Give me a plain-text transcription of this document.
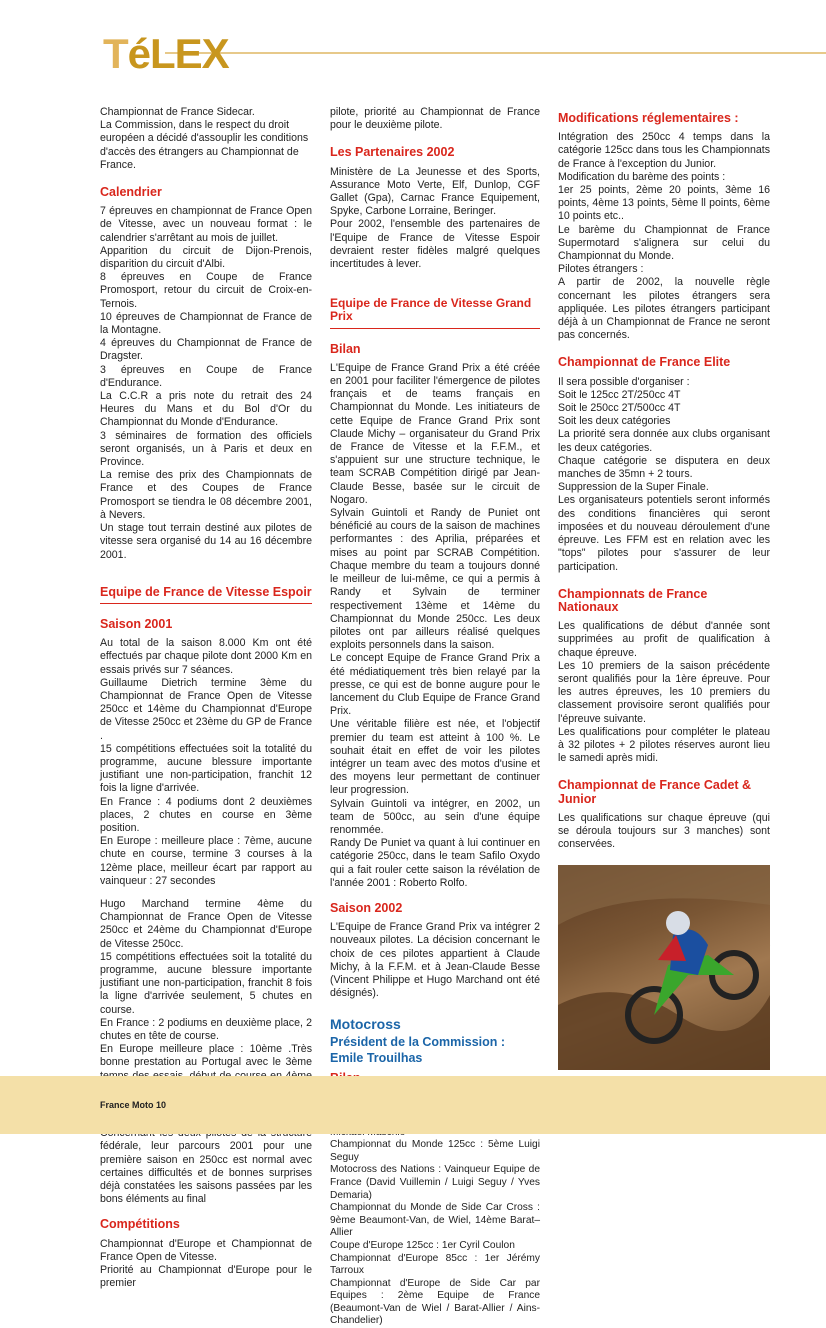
TéLEX

Championnat de France Sidecar.
La Commission, dans le respect du droit européen a décidé d'assouplir les conditions d'accès des étrangers au Championnat de France.

Calendrier

7 épreuves en championnat de France Open de Vitesse, avec un nouveau format : le calendrier s'arrêtant au mois de juillet.

Apparition du circuit de Dijon-Prenois, disparition du circuit d'Albi.

8 épreuves en Coupe de France Promosport, retour du circuit de Croix-en-Ternois.

10 épreuves de Championnat de France de la Montagne.

4 épreuves du Championnat de France de Dragster.

3 épreuves en Coupe de France d'Endurance.

La C.C.R a pris note du retrait des 24 Heures du Mans et du Bol d'Or du Championnat du Monde d'Endurance.

3 séminaires de formation des officiels seront organisés, un à Paris et deux en Province.

La remise des prix des Championnats de France et des Coupes de France Promosport se tiendra le 08 décembre 2001, à Nevers.

Un stage tout terrain destiné aux pilotes de vitesse sera organisé du 14 au 16 décembre 2001.

Equipe de France de Vitesse Espoir
Saison 2001

Au total de la saison 8.000 Km ont été effectués par chaque pilote dont 2000 Km en essais privés sur 7 séances.

Guillaume Dietrich termine 3ème du Championnat de France Open de Vitesse 250cc et 14ème du Championnat d'Europe de Vitesse 250cc et 23ème du GP de France .

15 compétitions effectuées soit la totalité du programme, aucune blessure importante justifiant une non-participation, franchit 12 fois la ligne d'arrivée.

En France : 4 podiums dont 2 deuxièmes places, 2 chutes en course en 3ème position.

En Europe : meilleure place : 7ème, aucune chute en course, termine 3 courses à la 12ème place, meilleur écart par rapport au vainqueur : 27 secondes

Hugo Marchand termine 4ème du Championnat de France Open de Vitesse 250cc et 24ème du Championnat d'Europe de Vitesse 250cc.

15 compétitions effectuées soit la totalité du programme, aucune blessure importante justifiant une non-participation, franchit 8 fois la ligne d'arrivée seulement, 5 chutes en course.

En France : 2 podiums en deuxième place, 2 chutes en tête de course.

En Europe meilleure place : 10ème .Très bonne prestation au Portugal avec le 3ème

fédérale, leur parcours 2001 pour une première saison en 250cc est normal avec certaines difficultés et de bonnes surprises déjà constatées les saisons passées par les bons éléments au final

Compétitions

Championnat d'Europe et Championnat de France Open de Vitesse.

Priorité au Championnat d'Europe pour le premier

pilote, priorité au Championnat de France pour le deuxième pilote.

Les Partenaires 2002

Ministère de La Jeunesse et des Sports, Assurance Moto Verte, Elf, Dunlop, CGF Gallet (Gpa), Carnac France Equipement, Spyke, Carbone Lorraine, Beringer.

Pour 2002, l'ensemble des partenaires de l'Equipe de France de Vitesse Espoir devraient rester fidèles malgré quelques incertitudes à lever.

Equipe de France de Vitesse Grand Prix
Bilan

L'Equipe de France Grand Prix a été créée en 2001 pour faciliter l'émergence de pilotes français et de teams français en Championnat du Monde. Les initiateurs de cette Equipe de France Grand Prix sont Claude Michy – organisateur du Grand Prix de France de Vitesse et la F.F.M., et s'appuient sur une structure technique, le team SCRAB Compétition dirigé par Jean-Claude Besse, basée sur le circuit de Nogaro.

Sylvain Guintoli et Randy de Puniet ont bénéficié au cours de la saison de machines performantes : des Aprilia, préparées et mises au point par SCRAB Compétition. Chaque membre du team a toujours donné le meilleur de lui-même, ce qui a permis à Randy et Sylvain de terminer respectivement 13ème et 14ème du Championnat du Monde 250cc. Les deux pilotes ont par ailleurs réalisé quelques exploits personnels dans la saison.

Le concept Equipe de France Grand Prix a été médiatiquement très bien relayé par la presse, ce qui est de bonne augure pour le lancement du Club Equipe de France Grand Prix.

Une véritable filière est née, et l'objectif premier du team est atteint à 100 %. Le souhait était en effet de voir les pilotes intégrer un team avec des motos d'usine et des moyens leur permettant de continuer leur progression.

Sylvain Guintoli va intégrer, en 2002, un team de 500cc, au sein d'une équipe renommée.

Randy De Puniet va quant à lui continuer en catégorie 250cc, dans le team Safilo Oxydo qui a fait rouler cette saison la révélation de l'année 2001 : Roberto Rolfo.

Saison 2002

L'Equipe de France Grand Prix va intégrer 2 nouveaux pilotes. La décision concernant le choix de ces pilotes appartient à Claude Michy, à la F.F.M. et à Jean-Claude Besse (Vincent Philippe et Hugo Marchand ont été désignés).

Motocross
Président de la Commission : Emile Trouilhas

Championnat du Monde 125cc : 5ème Luigi Seguy

Motocross des Nations : Vainqueur Equipe de France (David Vuillemin / Luigi Seguy / Yves Demaria)

Championnat du Monde de Side Car Cross : 9ème Beaumont-Van, de Wiel, 14ème Barat–Allier

Coupe d'Europe 125cc : 1er Cyril Coulon

Championnat d'Europe 85cc : 1er Jérémy Tarroux

Championnat d'Europe de Side Car par Equipes : 2ème Equipe de France (Beaumont-Van de Wiel / Barat-Allier / Ains-Chandelier)

Modifications réglementaires :

Intégration des 250cc 4 temps dans la catégorie 125cc dans tous les Championnats de France à l'exception du Junior.

Modification du barème des points :

1er 25 points, 2ème 20 points, 3ème 16 points, 4ème 13 points, 5ème ll points, 6ème 10 points etc..

Le barème du Championnat de France Supermotard s'alignera sur celui du Championnat du Monde.

Pilotes étrangers :

A partir de 2002, la nouvelle règle concernant les pilotes étrangers sera appliquée. Les pilotes étrangers participant déjà à un Championnat de France ne seront pas concernés.

Championnat de France Elite

Il sera possible d'organiser :

Soit le 125cc 2T/250cc 4T

Soit le 250cc 2T/500cc 4T

Soit les deux catégories

La priorité sera donnée aux clubs organisant les deux catégories.

Chaque catégorie se disputera en deux manches de 35mn + 2 tours.

Suppression de la Super Finale.

Les organisateurs potentiels seront informés des conditions financières qui seront imposées et du nouveau déroulement d'une épreuve. Les FFM est en relation avec les "tops" pilotes pour s'assurer de leur participation.

Championnats de France Nationaux

Les qualifications de début d'année sont supprimées au profit de qualification à chaque épreuve.

Les 10 premiers de la saison précédente seront qualifiés pour la 1ère épreuve. Pour les autres épreuves, les 10 premiers du classement provisoire seront qualifiés pour l'épreuve suivante.

Les qualifications pour compléter le plateau à 32 pilotes + 2 pilotes réserves auront lieu le samedi après midi.

Championnat de France Cadet & Junior

Les qualifications sur chaque épreuve (qui se déroula toujours sur 3 manches) sont conservées.

France Moto 10
